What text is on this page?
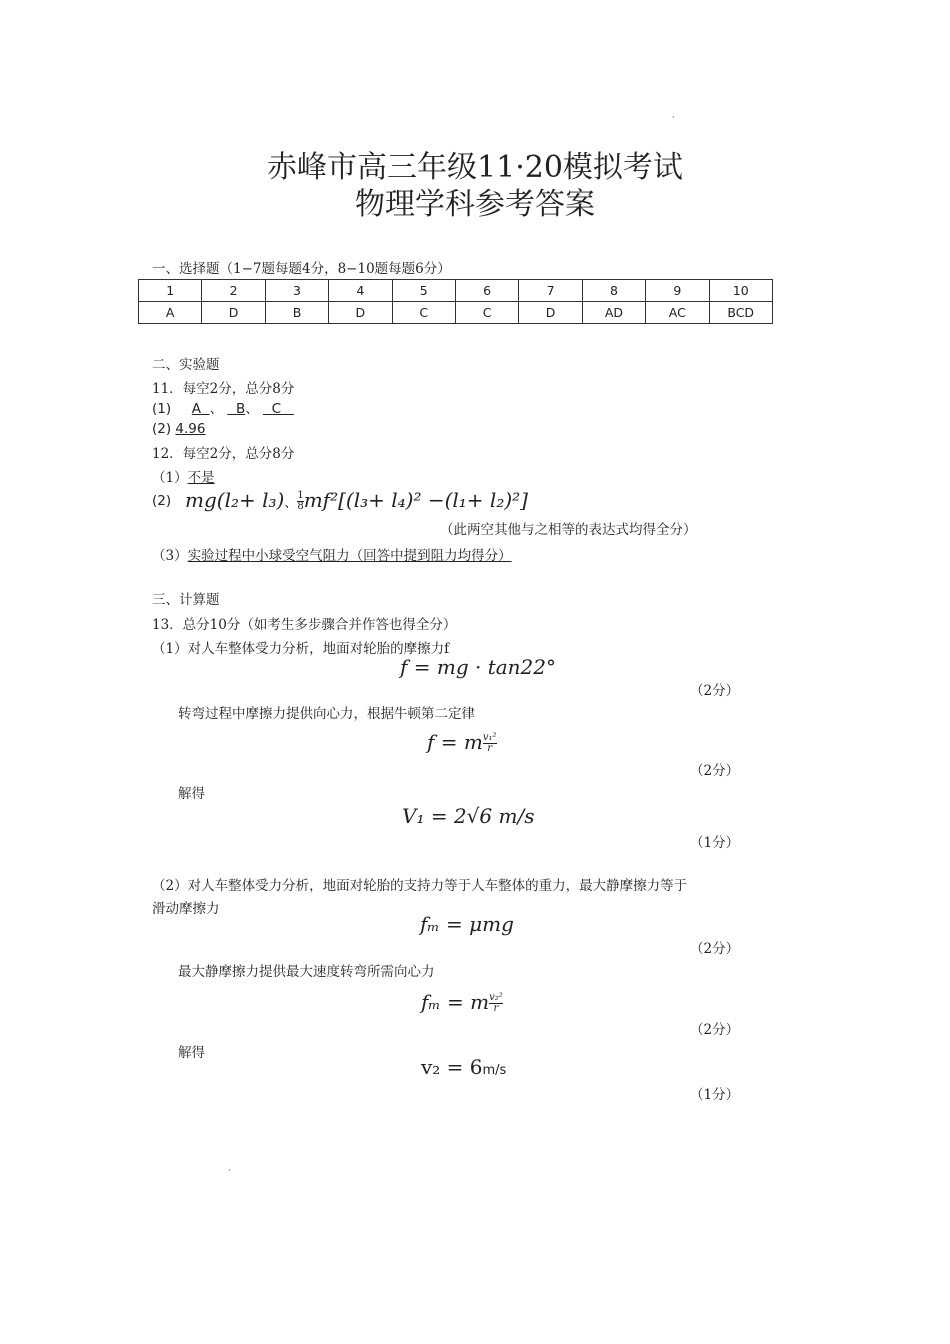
·
·
赤峰市高三年级11·20模拟考试
物理学科参考答案
一、选择题（1−7题每题4分，8−10题每题6分）
1	2	3	4	5	6	7	8	9	10
A	D	B	D	C	C	D	AD	AC	BCD
二、实验题
11．每空2分，总分8分
(1) A 、 B、 C
(2) 4.96
12．每空2分，总分8分
（1）不是
(2) mg(l₂+ l₃)、 $\frac{1}{8} mf^2[(l_3+ l_4)^2 -(l_1+ l_2)^2]$
（此两空其他与之相等的表达式均得全分）
（3）实验过程中小球受空气阻力（回答中提到阻力均得分）
三、计算题
13．总分10分（如考生多步骤合并作答也得全分）
（1）对人车整体受力分析，地面对轮胎的摩擦力f
f = mg · tan22°
（2分）
转弯过程中摩擦力提供向心力，根据牛顿第二定律
f = m $\frac{\text{v₁²}}{r}$
（2分）
解得
V₁ = 2√6 m/s
（1分）
（2）对人车整体受力分析，地面对轮胎的支持力等于人车整体的重力，最大静摩擦力等于
滑动摩擦力
fₘ = μmg
（2分）
最大静摩擦力提供最大速度转弯所需向心力
fₘ = m $\frac{\text{v₂²}}{r}$
（2分）
解得
v₂ = 6m/s
（1分）
